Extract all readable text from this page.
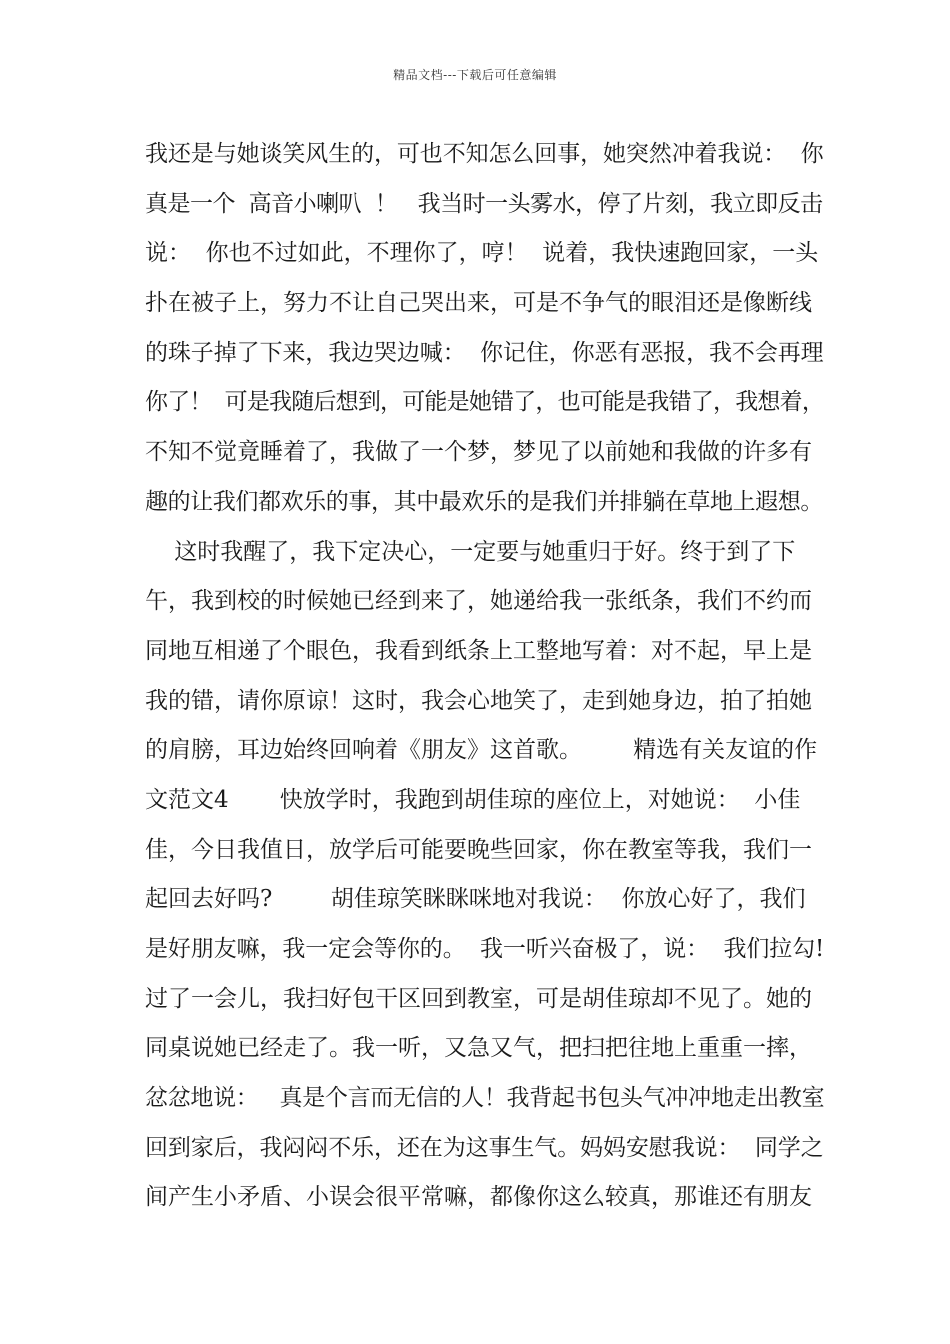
精品文档---下载后可任意编辑
我还是与她谈笑风生的，可也不知怎么回事，她突然冲着我说：  你
真是一个  高音小喇叭  ！   我当时一头雾水，停了片刻，我立即反击
说：  你也不过如此，不理你了，哼！  说着，我快速跑回家，一头
扑在被子上，努力不让自己哭出来，可是不争气的眼泪还是像断线
的珠子掉了下来，我边哭边喊：  你记住，你恶有恶报，我不会再理
你了！  可是我随后想到，可能是她错了，也可能是我错了，我想着，
不知不觉竟睡着了，我做了一个梦，梦见了以前她和我做的许多有
趣的让我们都欢乐的事，其中最欢乐的是我们并排躺在草地上遐想。
这时我醒了，我下定决心，一定要与她重归于好。终于到了下
午，我到校的时候她已经到来了，她递给我一张纸条，我们不约而
同地互相递了个眼色，我看到纸条上工整地写着：对不起，早上是
我的错，请你原谅！这时，我会心地笑了，走到她身边，拍了拍她
的肩膀，耳边始终回响着《朋友》这首歌。       精选有关友谊的作
文范文4       快放学时，我跑到胡佳琼的座位上，对她说：  小佳
佳，今日我值日，放学后可能要晚些回家，你在教室等我，我们一
起回去好吗?        胡佳琼笑眯眯咪地对我说：  你放心好了，我们
是好朋友嘛，我一定会等你的。  我一听兴奋极了，说：  我们拉勾!
过了一会儿，我扫好包干区回到教室，可是胡佳琼却不见了。她的
同桌说她已经走了。我一听，又急又气，把扫把往地上重重一摔，
忿忿地说：   真是个言而无信的人！我背起书包头气冲冲地走出教室
回到家后，我闷闷不乐，还在为这事生气。妈妈安慰我说：  同学之
间产生小矛盾、小误会很平常嘛，都像你这么较真，那谁还有朋友
